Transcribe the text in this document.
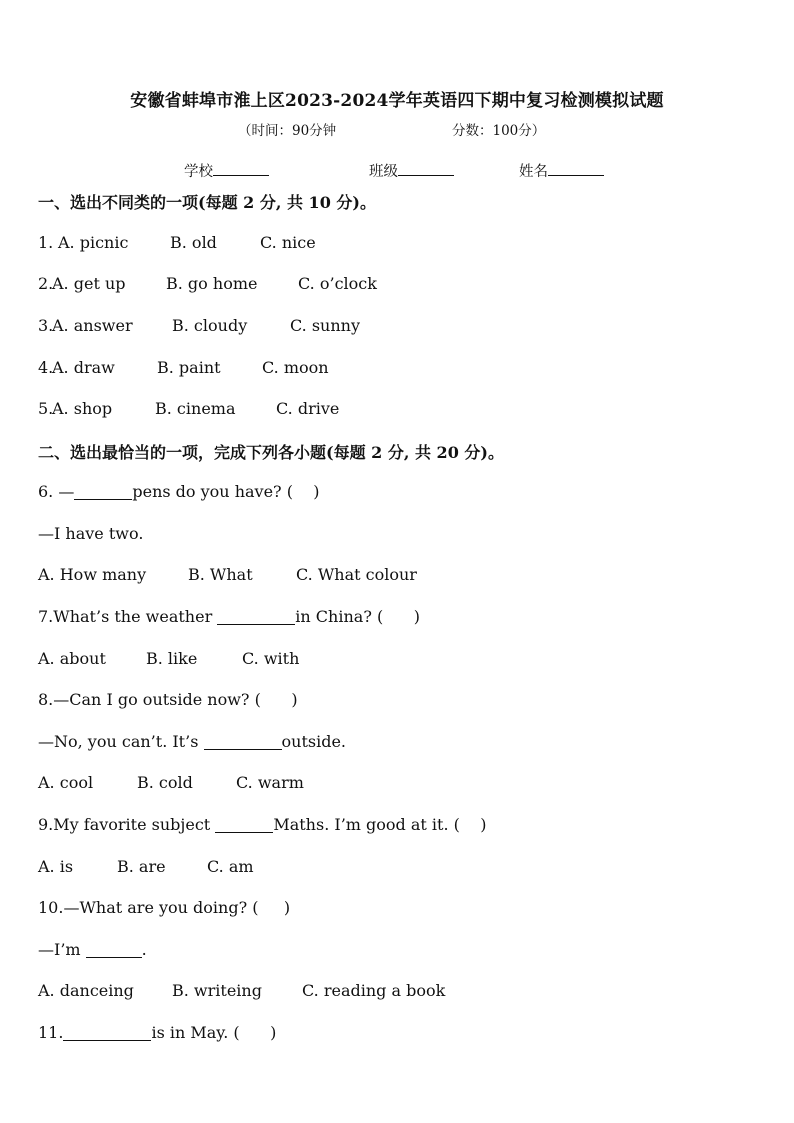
安徽省蚌埠市淮上区2023-2024学年英语四下期中复习检测模拟试题
（时间：90分钟	分数：100分）
学校	班级	姓名
一、选出不同类的一项(每题 2 分, 共 10 分)。
1. A. picnic	B. old	C. nice
2.
A. get up	B. go home	C. o’clock
3.
A. answer B. cloudy	C. sunny
4.
A. draw	B. paint	C. moon
5.
A. shop	B. cinema	C. drive
二、选出最恰当的一项，完成下列各小题(每题 2 分, 共 20 分)。
6. —	pens do you have? (    )
—I have two.
A. How many	B. What	C. What colour
7.What’s the weather	in China? (      )
A. about	B. like	C. with
8.—Can I go outside now? (      )
—No, you can’t. It’s	outside.
A. cool	B. cold	C. warm
9.My favorite subject	Maths. I’m good at it. (    )
A. is	B. are	C. am
10.—What are you doing? (     )
—I’m	.
A. danceing B. writeing	C. reading a book
11.	is in May. (      )
